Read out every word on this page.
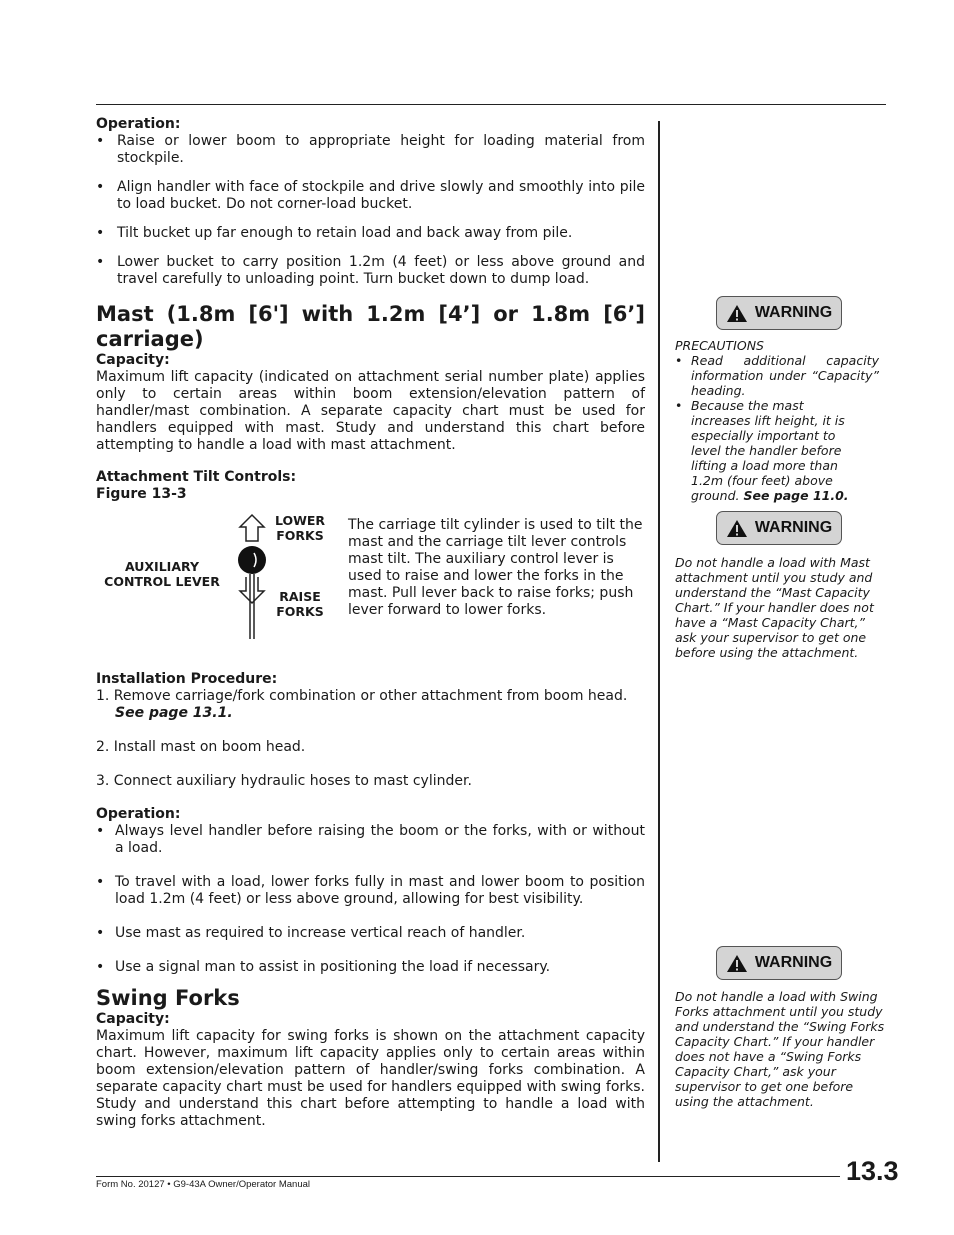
Operation:
• Raise or lower boom to appropriate height for loading material from stockpile.
• Align handler with face of stockpile and drive slowly and smoothly into pile to load bucket. Do not corner-load bucket.
• Tilt bucket up far enough to retain load and back away from pile.
• Lower bucket to carry position 1.2m (4 feet) or less above ground and travel carefully to unloading point. Turn bucket down to dump load.
Mast (1.8m [6'] with 1.2m [4’] or 1.8m [6’] carriage)
Capacity:
Maximum lift capacity (indicated on attachment serial number plate) applies only to certain areas within boom extension/elevation pattern of handler/mast combination. A separate capacity chart must be used for handlers equipped with mast. Study and understand this chart before attempting to handle a load with mast attachment.
Attachment Tilt Controls:
Figure 13-3
AUXILIARY
CONTROL LEVER
LOWER
FORKS
RAISE
FORKS
The carriage tilt cylinder is used to tilt the mast and the carriage tilt lever controls mast tilt. The auxiliary control lever is used to raise and lower the forks in the mast. Pull lever back to raise forks; push lever forward to lower forks.
Installation Procedure:

1. Remove carriage/fork combination or other attachment from boom head.

See page 13.1.

2. Install mast on boom head.

3. Connect auxiliary hydraulic hoses to mast cylinder.

Operation:
• Always level handler before raising the boom or the forks, with or without a load.
• To travel with a load, lower forks fully in mast and lower boom to position load 1.2m (4 feet) or less above ground, allowing for best visibility.
• Use mast as required to increase vertical reach of handler.
• Use a signal man to assist in positioning the load if necessary.
Swing Forks
Capacity:
Maximum lift capacity for swing forks is shown on the attachment capacity chart. However, maximum lift capacity applies only to certain areas within boom extension/elevation pattern of handler/swing forks combination. A separate capacity chart must be used for handlers equipped with swing forks. Study and understand this chart before attempting to handle a load with swing forks attachment.
WARNING
PRECAUTIONS
• Read additional capacity information under “Capacity” heading.
• Because the mast increases lift height, it is especially important to level the handler before lifting a load more than 1.2m (four feet) above ground. See page 11.0.
WARNING
Do not handle a load with Mast attachment until you study and understand the “Mast Capacity Chart.” If your handler does not have a “Mast Capacity Chart,” ask your supervisor to get one before using the attachment.
WARNING
Do not handle a load with Swing Forks attachment until you study and understand the “Swing Forks Capacity Chart.” If your handler does not have a “Swing Forks Capacity Chart,” ask your supervisor to get one before using the attachment.
Form No. 20127 • G9-43A Owner/Operator Manual	13.3
